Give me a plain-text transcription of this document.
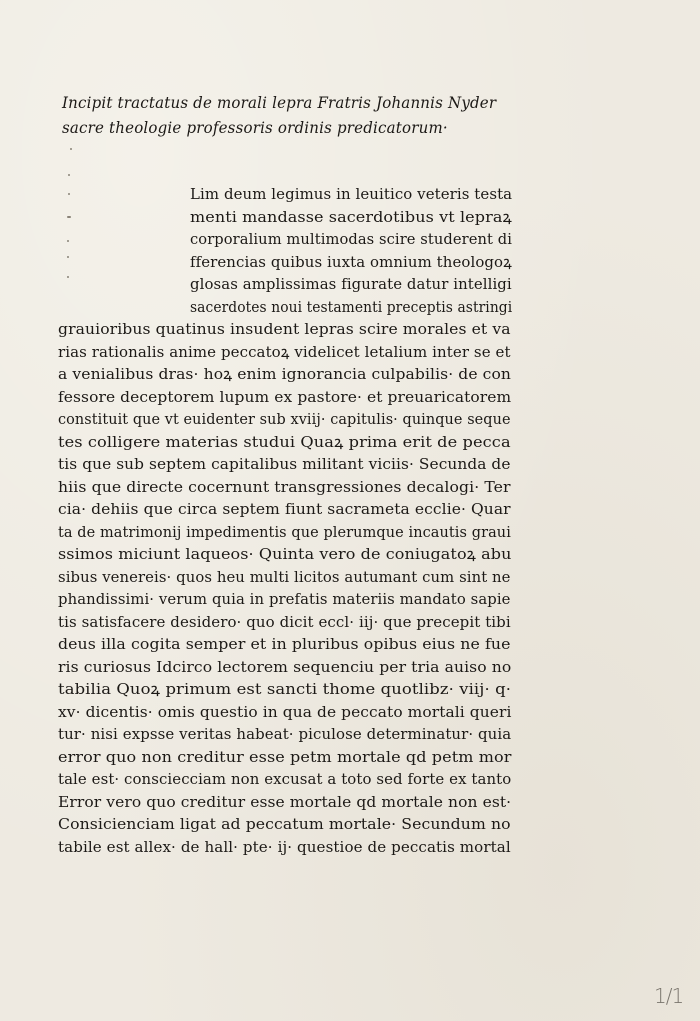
Incipit tractatus de morali lepra Fratris Johannis Nyder
sacre theologie professoris ordinis predicatorum·
Lim deum legimus in leuitico veteris testa
menti mandasse sacerdotibus vt lepraꝝ
corporalium multimodas scire studerent di
fferencias quibus iuxta omnium theologoꝝ
glosas amplissimas figurate datur intelligi
sacerdotes noui testamenti preceptis astringi
grauioribus quatinus insudent lepras scire morales et va
rias rationalis anime peccatoꝝ videlicet letalium inter se et
a venialibus dras· hoꝝ enim ignorancia culpabilis· de con
fessore deceptorem lupum ex pastore· et preuaricatorem
constituit que vt euidenter sub xviij· capitulis· quinque seque
tes colligere materias studui Quaꝝ prima erit de pecca
tis que sub septem capitalibus militant viciis· Secunda de
hiis que directe cocernunt transgressiones decalogi· Ter
cia· dehiis que circa septem fiunt sacrameta ecclie· Quar
ta de matrimonij impedimentis que plerumque incautis graui
ssimos miciunt laqueos· Quinta vero de coniugatoꝝ abu
sibus venereis· quos heu multi licitos autumant cum sint ne
phandissimi· verum quia in prefatis materiis mandato sapie
tis satisfacere desidero· quo dicit eccl· iij· que precepit tibi
deus illa cogita semper et in pluribus opibus eius ne fue
ris curiosus Idcirco lectorem sequenciu per tria auiso no
tabilia Quoꝝ primum est sancti thome quotlibz· viij· q·
xv· dicentis· omis questio in qua de peccato mortali queri
tur· nisi expsse veritas habeat· piculose determinatur· quia
error quo non creditur esse petm mortale qd petm mor
tale est· consciecciam non excusat a toto sed forte ex tanto
Error vero quo creditur esse mortale qd mortale non est·
Consicienciam ligat ad peccatum mortale· Secundum no
tabile est allex· de hall· pte· ij· questioe de peccatis mortal
1/1
